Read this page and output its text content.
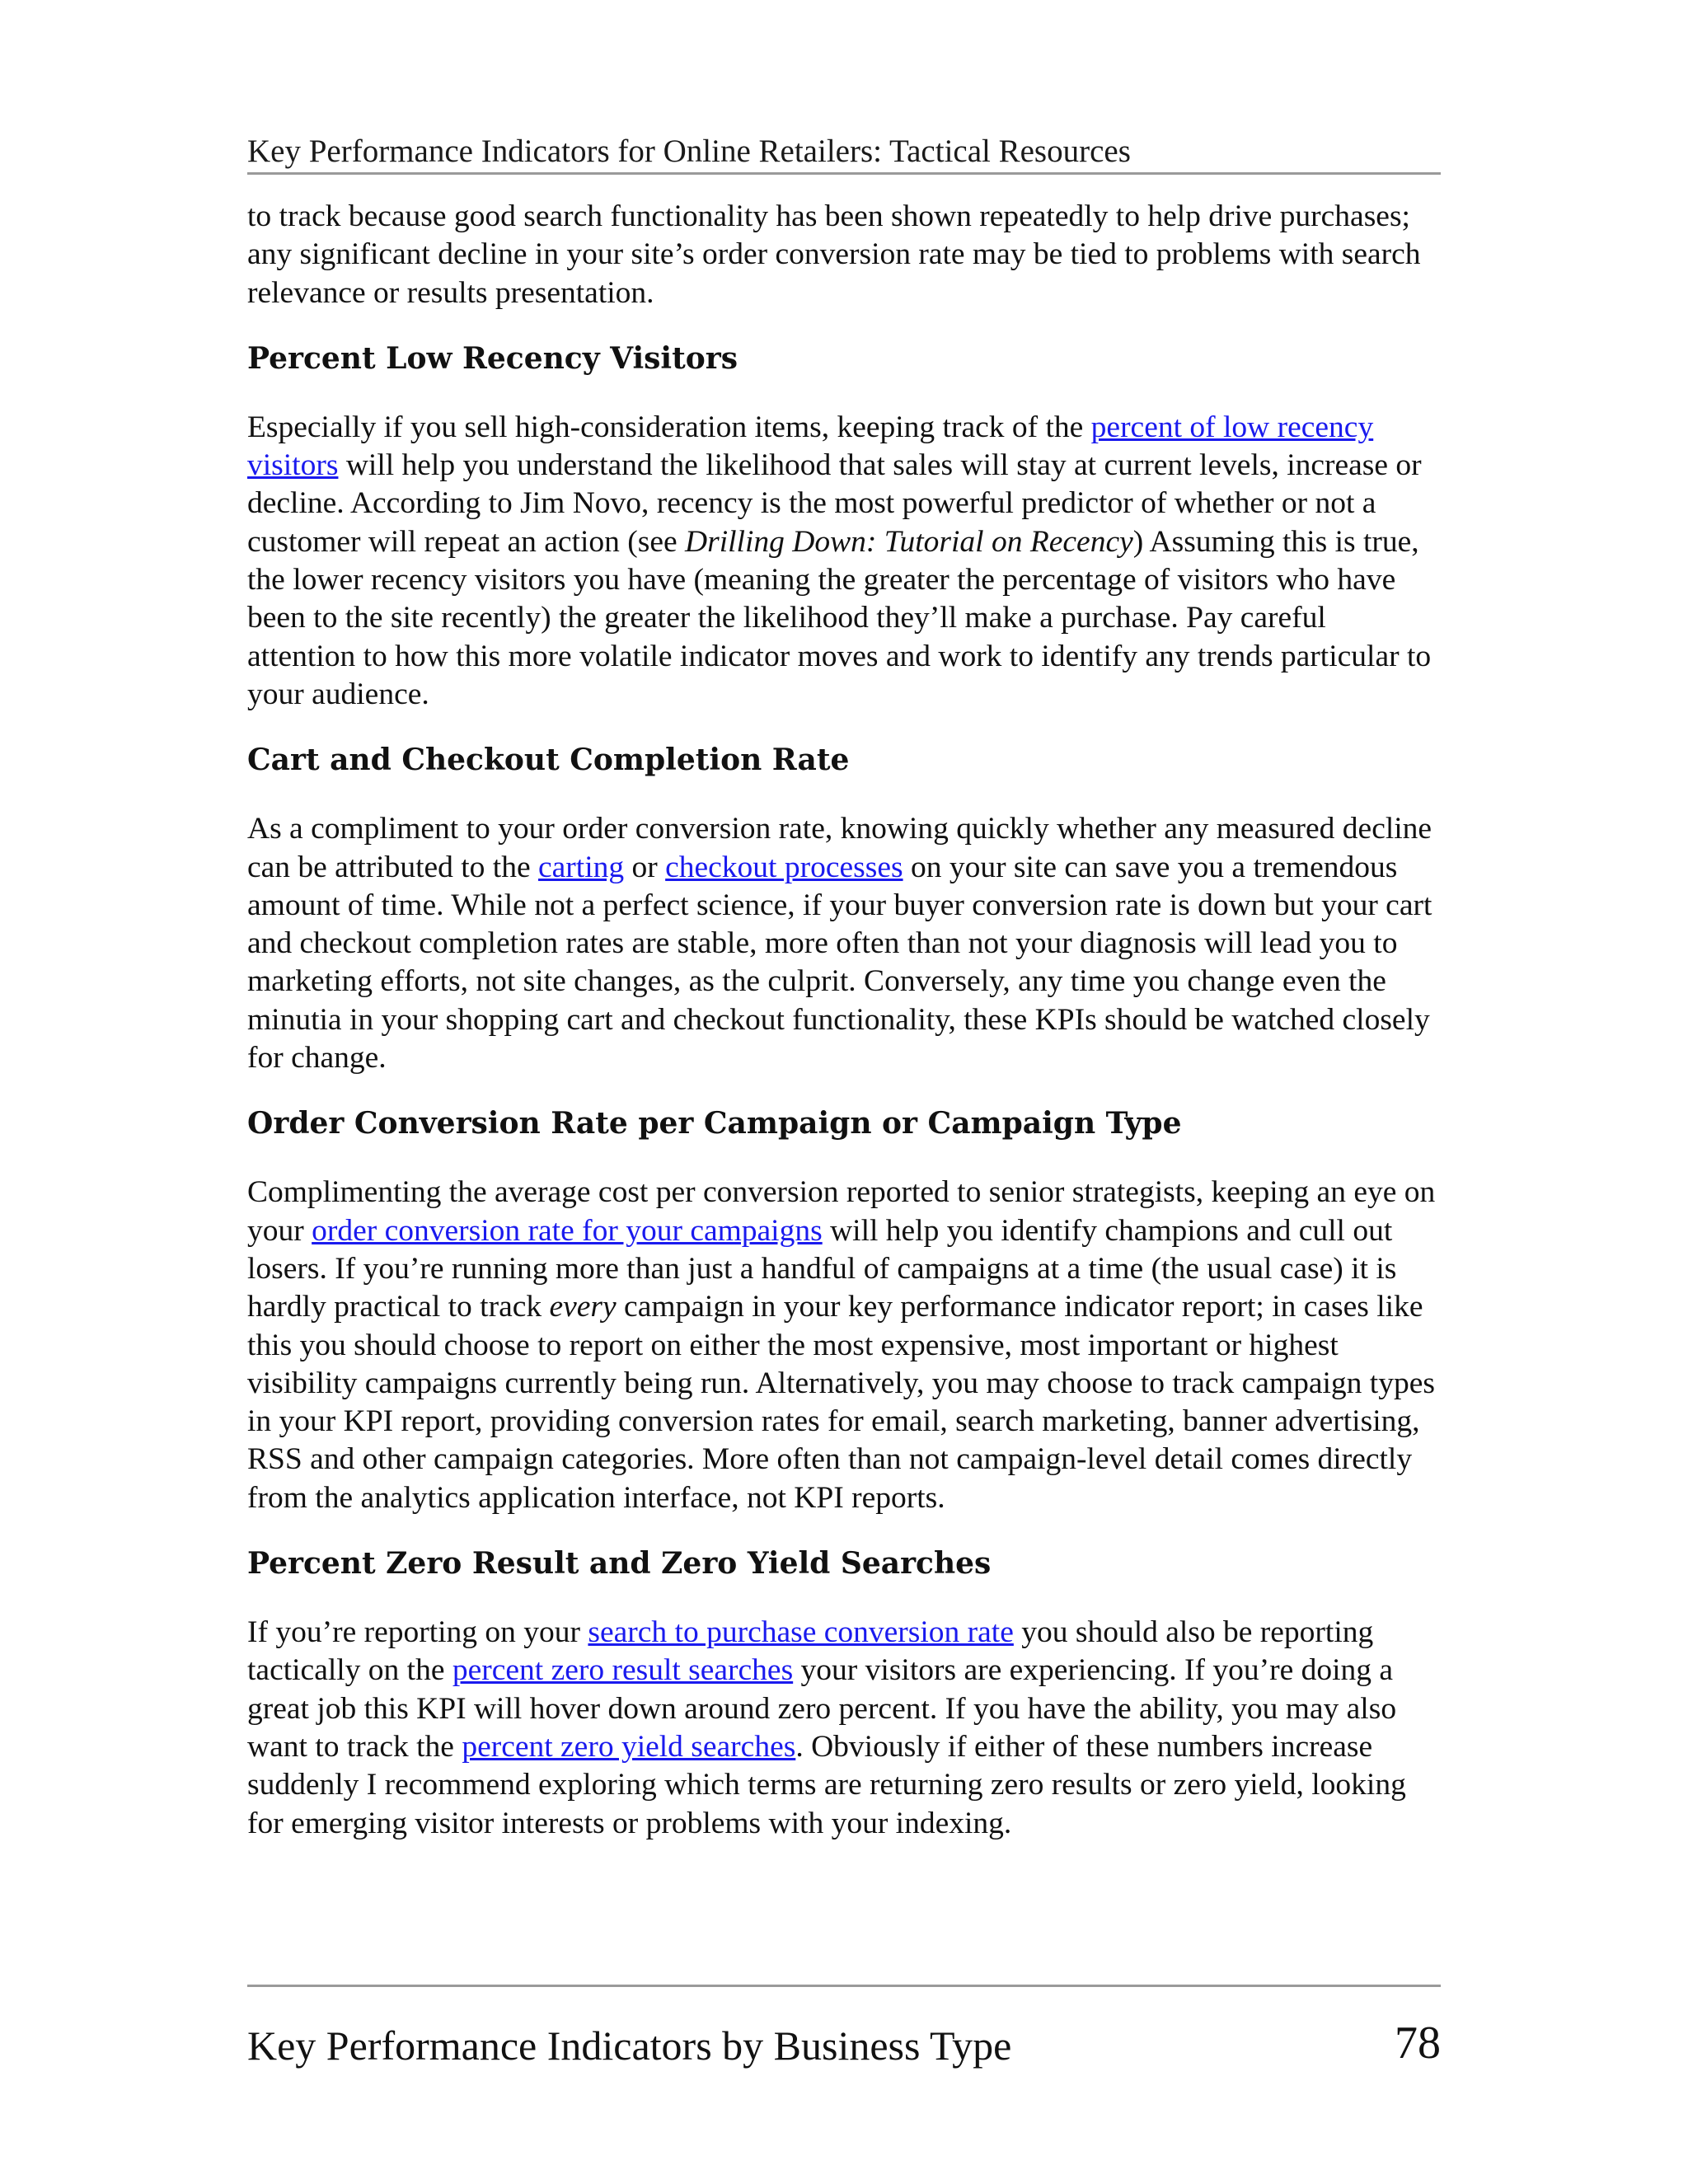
Key Performance Indicators for Online Retailers: Tactical Resources

to track because good search functionality has been shown repeatedly to help drive purchases; any significant decline in your site’s order conversion rate may be tied to problems with search relevance or results presentation.

Percent Low Recency Visitors

Especially if you sell high-consideration items, keeping track of the percent of low recency visitors will help you understand the likelihood that sales will stay at current levels, increase or decline. According to Jim Novo, recency is the most powerful predictor of whether or not a customer will repeat an action (see Drilling Down: Tutorial on Recency) Assuming this is true, the lower recency visitors you have (meaning the greater the percentage of visitors who have been to the site recently) the greater the likelihood they’ll make a purchase. Pay careful attention to how this more volatile indicator moves and work to identify any trends particular to your audience.

Cart and Checkout Completion Rate

As a compliment to your order conversion rate, knowing quickly whether any measured decline can be attributed to the carting or checkout processes on your site can save you a tremendous amount of time. While not a perfect science, if your buyer conversion rate is down but your cart and checkout completion rates are stable, more often than not your diagnosis will lead you to marketing efforts, not site changes, as the culprit. Conversely, any time you change even the minutia in your shopping cart and checkout functionality, these KPIs should be watched closely for change.

Order Conversion Rate per Campaign or Campaign Type

Complimenting the average cost per conversion reported to senior strategists, keeping an eye on your order conversion rate for your campaigns will help you identify champions and cull out losers. If you’re running more than just a handful of campaigns at a time (the usual case) it is hardly practical to track every campaign in your key performance indicator report; in cases like this you should choose to report on either the most expensive, most important or highest visibility campaigns currently being run. Alternatively, you may choose to track campaign types in your KPI report, providing conversion rates for email, search marketing, banner advertising, RSS and other campaign categories. More often than not campaign-level detail comes directly from the analytics application interface, not KPI reports.

Percent Zero Result and Zero Yield Searches

If you’re reporting on your search to purchase conversion rate you should also be reporting tactically on the percent zero result searches your visitors are experiencing. If you’re doing a great job this KPI will hover down around zero percent. If you have the ability, you may also want to track the percent zero yield searches. Obviously if either of these numbers increase suddenly I recommend exploring which terms are returning zero results or zero yield, looking for emerging visitor interests or problems with your indexing.

Key Performance Indicators by Business Type	78
